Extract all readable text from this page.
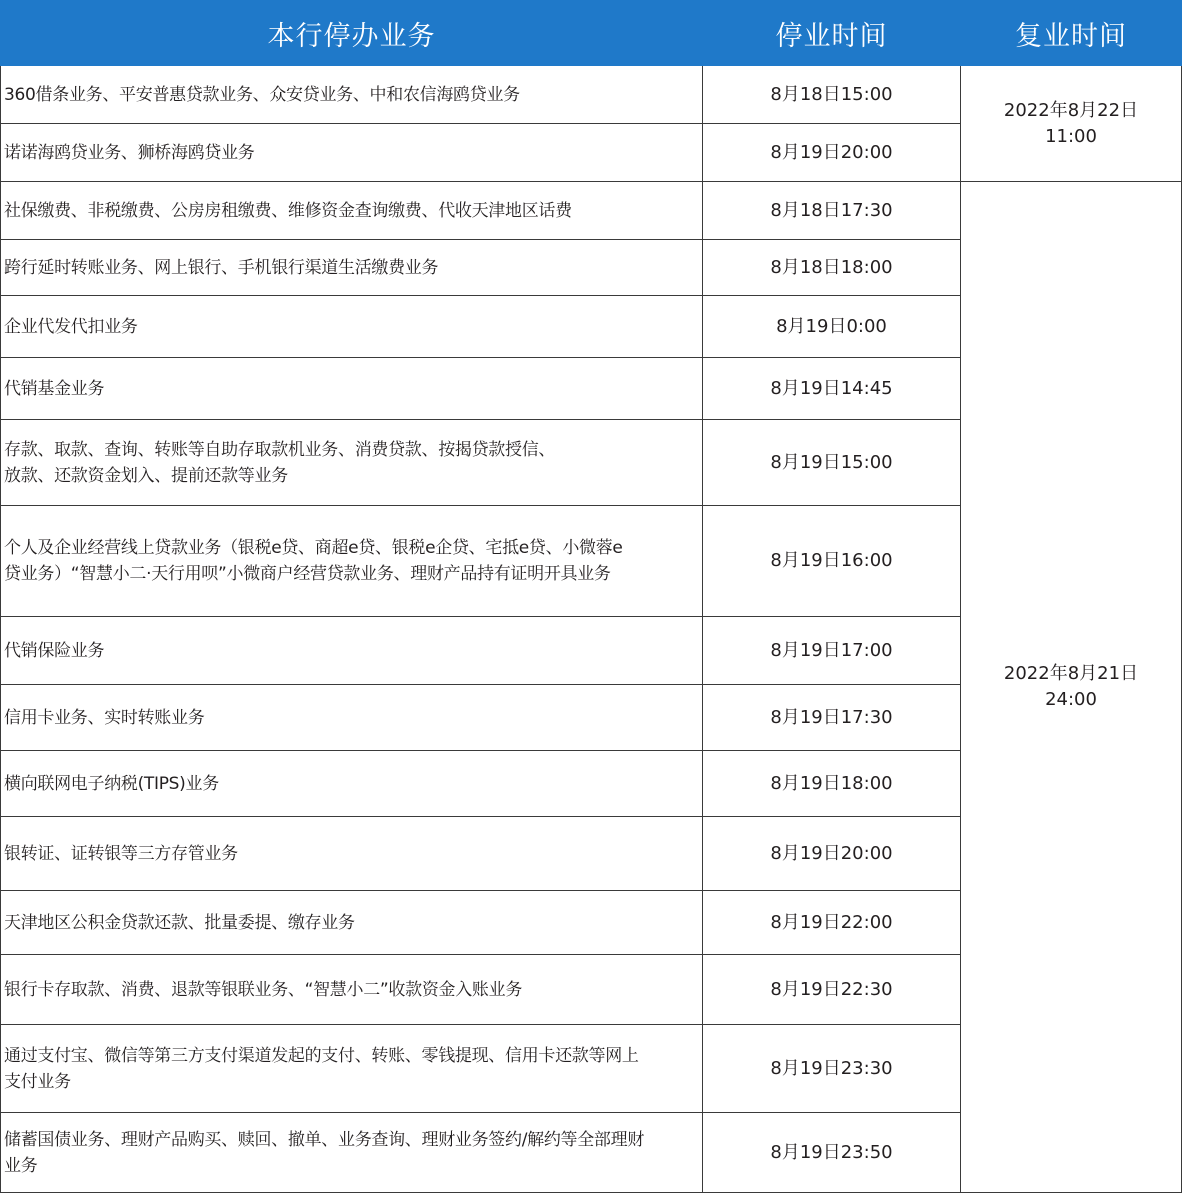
本行停办业务	停业时间	复业时间

360借条业务、平安普惠贷款业务、众安贷业务、中和农信海鸥贷业务	8月18日15:00	2022年8月22日
11:00

诺诺海鸥贷业务、狮桥海鸥贷业务	8月19日20:00	

社保缴费、非税缴费、公房房租缴费、维修资金查询缴费、代收天津地区话费	8月18日17:30	2022年8月21日
24:00

跨行延时转账业务、网上银行、手机银行渠道生活缴费业务	8月18日18:00	

企业代发代扣业务	8月19日0:00	

代销基金业务	8月19日14:45	

存款、取款、查询、转账等自助存取款机业务、消费贷款、按揭贷款授信、
放款、还款资金划入、提前还款等业务	8月19日15:00	

个人及企业经营线上贷款业务（银税e贷、商超e贷、银税e企贷、宅抵e贷、小微蓉e
贷业务）“智慧小二·天行用呗”小微商户经营贷款业务、理财产品持有证明开具业务	8月19日16:00	

代销保险业务	8月19日17:00	

信用卡业务、实时转账业务	8月19日17:30	

横向联网电子纳税(TIPS)业务	8月19日18:00	

银转证、证转银等三方存管业务	8月19日20:00	

天津地区公积金贷款还款、批量委提、缴存业务	8月19日22:00	

银行卡存取款、消费、退款等银联业务、“智慧小二”收款资金入账业务	8月19日22:30	

通过支付宝、微信等第三方支付渠道发起的支付、转账、零钱提现、信用卡还款等网上
支付业务	8月19日23:30	

储蓄国债业务、理财产品购买、赎回、撤单、业务查询、理财业务签约/解约等全部理财
业务	8月19日23:50	
